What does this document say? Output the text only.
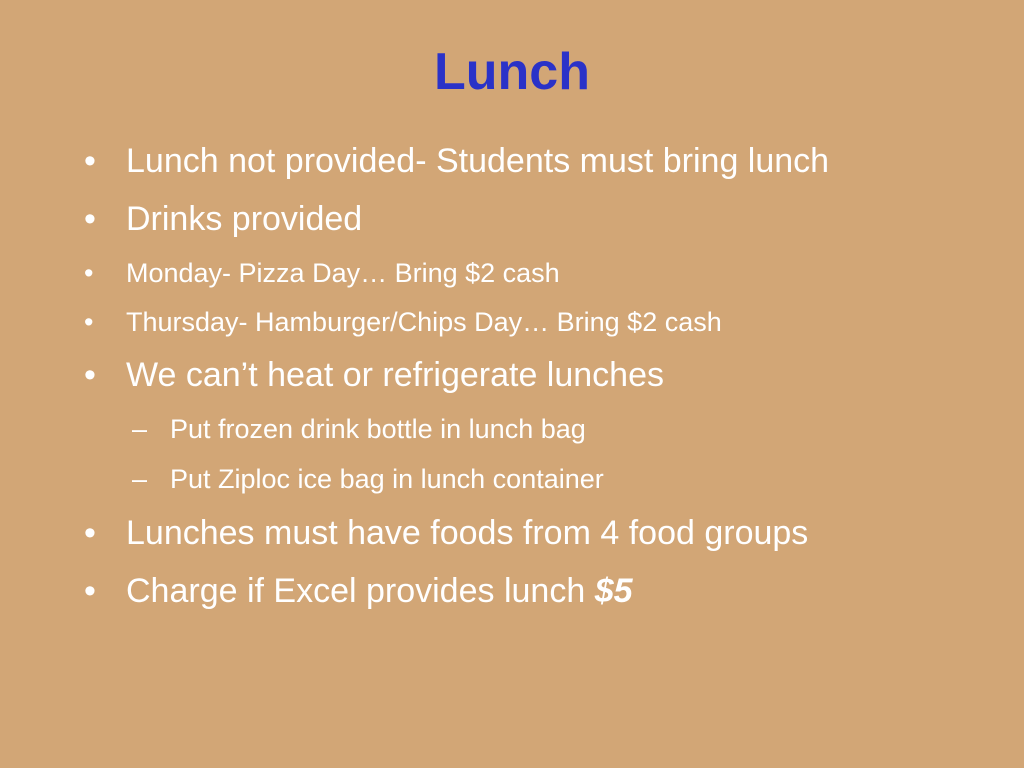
Lunch
• Lunch not provided- Students must bring lunch
• Drinks provided
• Monday- Pizza Day… Bring $2 cash
• Thursday- Hamburger/Chips Day… Bring $2 cash
• We can’t heat or refrigerate lunches
– Put frozen drink bottle in lunch bag
– Put Ziploc ice bag in lunch container
• Lunches must have foods from 4 food groups
• Charge if Excel provides lunch $5
